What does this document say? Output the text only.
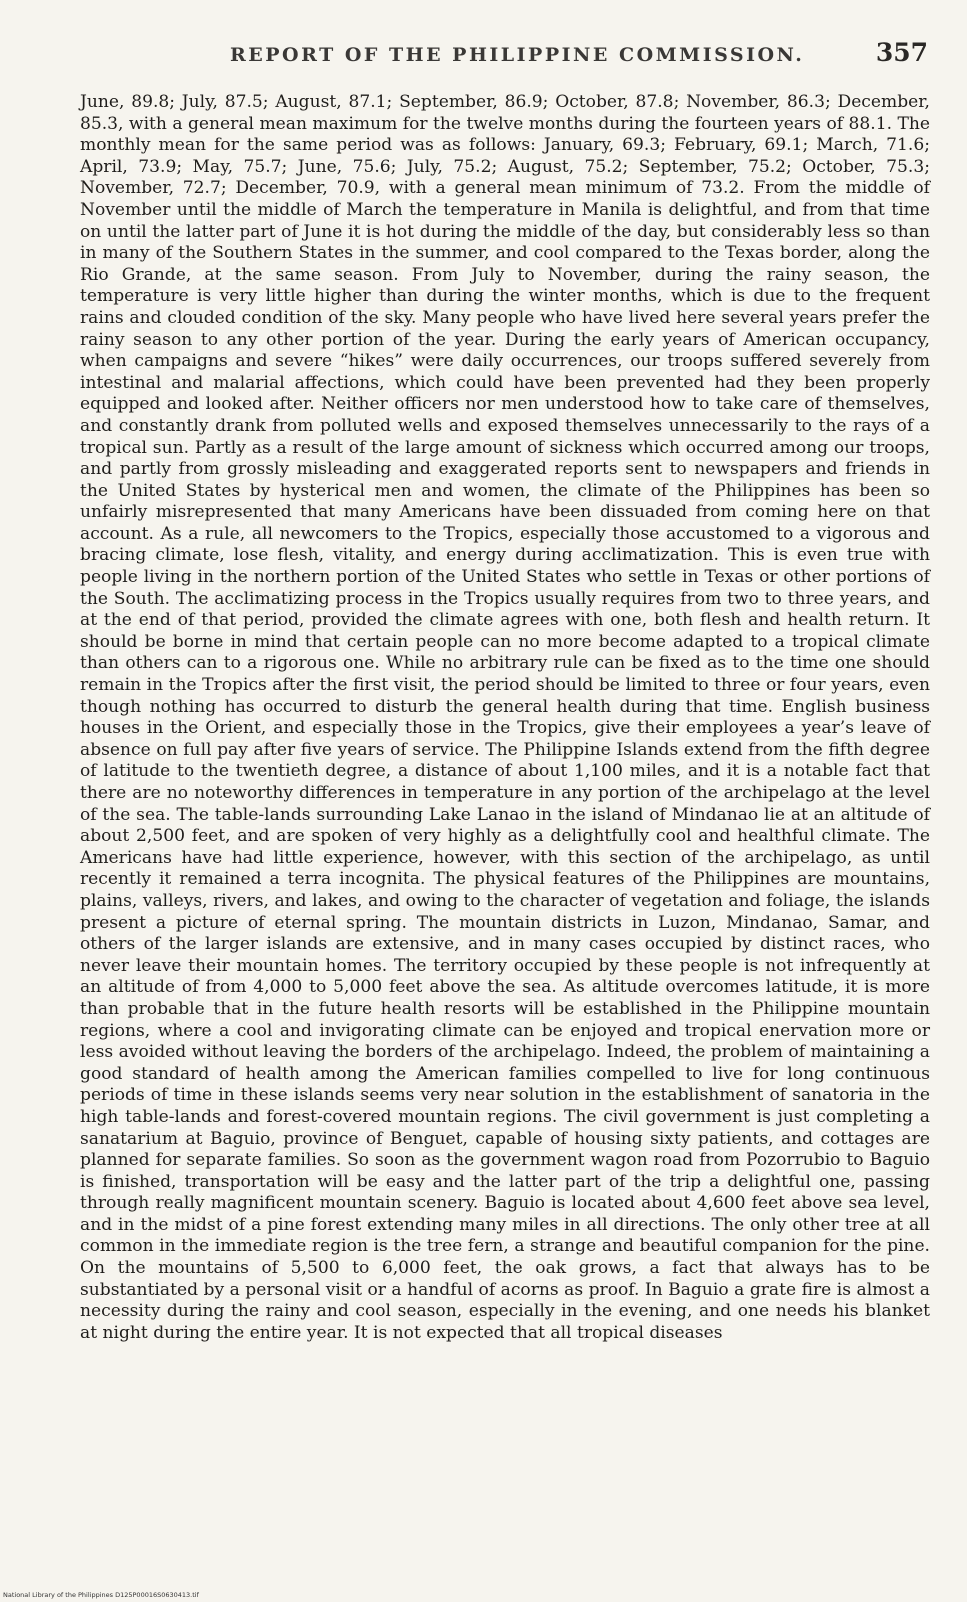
REPORT OF THE PHILIPPINE COMMISSION.	357

June, 89.8; July, 87.5; August, 87.1; September, 86.9; October, 87.8; November, 86.3; December, 85.3, with a general mean maximum for the twelve months during the fourteen years of 88.1. The monthly mean for the same period was as follows: January, 69.3; February, 69.1; March, 71.6; April, 73.9; May, 75.7; June, 75.6; July, 75.2; August, 75.2; September, 75.2; October, 75.3; November, 72.7; December, 70.9, with a general mean minimum of 73.2. From the middle of November until the middle of March the temperature in Manila is delightful, and from that time on until the latter part of June it is hot during the middle of the day, but considerably less so than in many of the Southern States in the summer, and cool compared to the Texas border, along the Rio Grande, at the same season. From July to November, during the rainy season, the temperature is very little higher than during the winter months, which is due to the frequent rains and clouded condition of the sky. Many people who have lived here several years prefer the rainy season to any other portion of the year. During the early years of American occupancy, when campaigns and severe “hikes” were daily occurrences, our troops suffered severely from intestinal and malarial affections, which could have been prevented had they been properly equipped and looked after. Neither officers nor men understood how to take care of themselves, and constantly drank from polluted wells and exposed themselves unnecessarily to the rays of a tropical sun. Partly as a result of the large amount of sickness which occurred among our troops, and partly from grossly misleading and exaggerated reports sent to newspapers and friends in the United States by hysterical men and women, the climate of the Philippines has been so unfairly misrepresented that many Americans have been dissuaded from coming here on that account. As a rule, all newcomers to the Tropics, especially those accustomed to a vigorous and bracing climate, lose flesh, vitality, and energy during acclimatization. This is even true with people living in the northern portion of the United States who settle in Texas or other portions of the South. The acclimatizing process in the Tropics usually requires from two to three years, and at the end of that period, provided the climate agrees with one, both flesh and health return. It should be borne in mind that certain people can no more become adapted to a tropical climate than others can to a rigorous one. While no arbitrary rule can be fixed as to the time one should remain in the Tropics after the first visit, the period should be limited to three or four years, even though nothing has occurred to disturb the general health during that time. English business houses in the Orient, and especially those in the Tropics, give their employees a year’s leave of absence on full pay after five years of service. The Philippine Islands extend from the fifth degree of latitude to the twentieth degree, a distance of about 1,100 miles, and it is a notable fact that there are no noteworthy differences in temperature in any portion of the archipelago at the level of the sea. The table-lands surrounding Lake Lanao in the island of Mindanao lie at an altitude of about 2,500 feet, and are spoken of very highly as a delightfully cool and healthful climate. The Americans have had little experience, however, with this section of the archipelago, as until recently it remained a terra incognita. The physical features of the Philippines are mountains, plains, valleys, rivers, and lakes, and owing to the character of vegetation and foliage, the islands present a picture of eternal spring. The mountain districts in Luzon, Mindanao, Samar, and others of the larger islands are extensive, and in many cases occupied by distinct races, who never leave their mountain homes. The territory occupied by these people is not infrequently at an altitude of from 4,000 to 5,000 feet above the sea. As altitude overcomes latitude, it is more than probable that in the future health resorts will be established in the Philippine mountain regions, where a cool and invigorating climate can be enjoyed and tropical enervation more or less avoided without leaving the borders of the archipelago. Indeed, the problem of maintaining a good standard of health among the American families compelled to live for long continuous periods of time in these islands seems very near solution in the establishment of sanatoria in the high table-lands and forest-covered mountain regions. The civil government is just completing a sanatarium at Baguio, province of Benguet, capable of housing sixty patients, and cottages are planned for separate families. So soon as the government wagon road from Pozorrubio to Baguio is finished, transportation will be easy and the latter part of the trip a delightful one, passing through really magnificent mountain scenery. Baguio is located about 4,600 feet above sea level, and in the midst of a pine forest extending many miles in all directions. The only other tree at all common in the immediate region is the tree fern, a strange and beautiful companion for the pine. On the mountains of 5,500 to 6,000 feet, the oak grows, a fact that always has to be substantiated by a personal visit or a handful of acorns as proof. In Baguio a grate fire is almost a necessity during the rainy and cool season, especially in the evening, and one needs his blanket at night during the entire year. It is not expected that all tropical diseases

National Library of the Philippines D125P00016S0630413.tif
